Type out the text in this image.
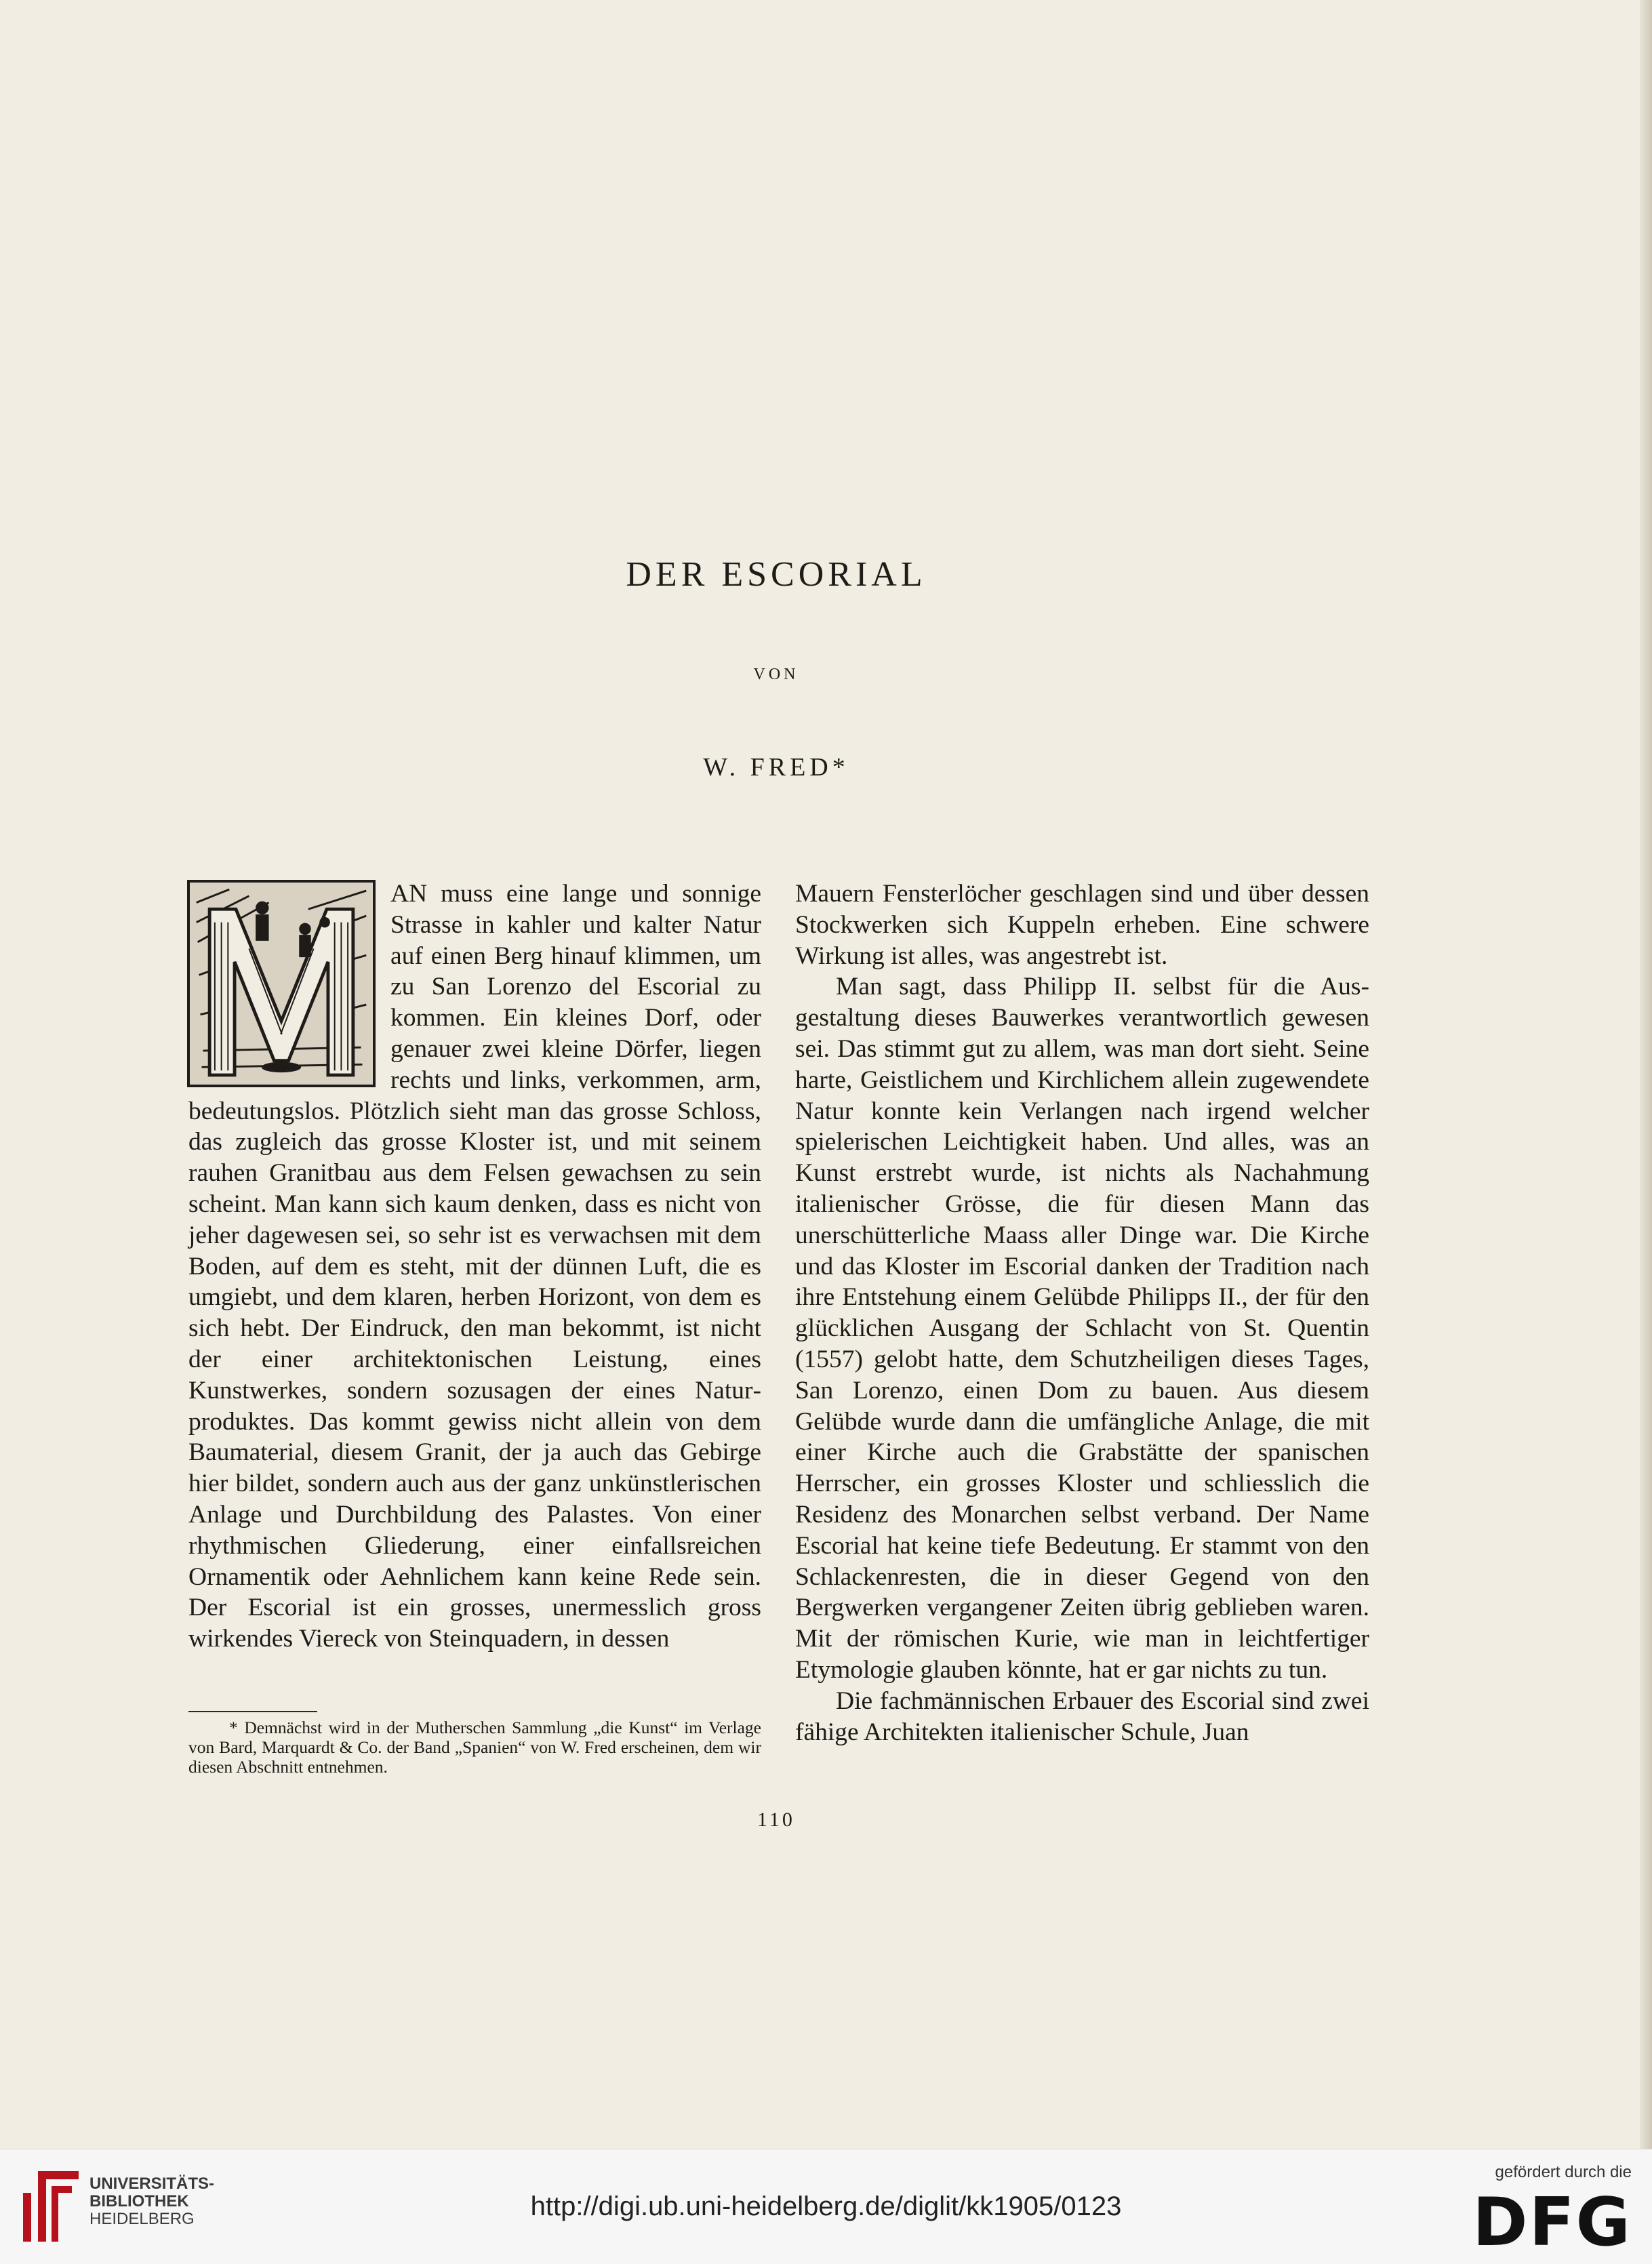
DER ESCORIAL
VON
W. FRED*

AN muss eine lange und sonnige Strasse in kahler und kalter Natur auf einen Berg hinauf klimmen, um zu San Lorenzo del Escorial zu kommen. Ein kleines Dorf, oder genauer zwei kleine Dörfer, liegen rechts und links, verkommen, arm, bedeutungslos. Plötzlich sieht man das grosse Schloss, das zugleich das grosse Kloster ist, und mit seinem rauhen Granitbau aus dem Felsen gewachsen zu sein scheint. Man kann sich kaum denken, dass es nicht von jeher dagewesen sei, so sehr ist es verwachsen mit dem Boden, auf dem es steht, mit der dünnen Luft, die es umgiebt, und dem klaren, herben Horizont, von dem es sich hebt. Der Eindruck, den man bekommt, ist nicht der einer architektonischen Leistung, eines Kunstwerkes, sondern sozusagen der eines Naturproduktes. Das kommt gewiss nicht allein von dem Baumaterial, diesem Granit, der ja auch das Gebirge hier bildet, sondern auch aus der ganz unkünstlerischen Anlage und Durchbildung des Palastes. Von einer rhythmischen Gliederung, einer einfallsreichen Ornamentik oder Aehnlichem kann keine Rede sein. Der Escorial ist ein grosses, unermesslich gross wirkendes Viereck von Steinquadern, in dessen

Mauern Fensterlöcher geschlagen sind und über dessen Stockwerken sich Kuppeln erheben. Eine schwere Wirkung ist alles, was angestrebt ist.

Man sagt, dass Philipp II. selbst für die Ausgestaltung dieses Bauwerkes verantwortlich gewesen sei. Das stimmt gut zu allem, was man dort sieht. Seine harte, Geistlichem und Kirchlichem allein zugewendete Natur konnte kein Verlangen nach irgend welcher spielerischen Leichtigkeit haben. Und alles, was an Kunst erstrebt wurde, ist nichts als Nachahmung italienischer Grösse, die für diesen Mann das unerschütterliche Maass aller Dinge war. Die Kirche und das Kloster im Escorial danken der Tradition nach ihre Entstehung einem Gelübde Philipps II., der für den glücklichen Ausgang der Schlacht von St. Quentin (1557) gelobt hatte, dem Schutzheiligen dieses Tages, San Lorenzo, einen Dom zu bauen. Aus diesem Gelübde wurde dann die umfängliche Anlage, die mit einer Kirche auch die Grabstätte der spanischen Herrscher, ein grosses Kloster und schliesslich die Residenz des Monarchen selbst verband. Der Name Escorial hat keine tiefe Bedeutung. Er stammt von den Schlackenresten, die in dieser Gegend von den Bergwerken vergangener Zeiten übrig geblieben waren. Mit der römischen Kurie, wie man in leichtfertiger Etymologie glauben könnte, hat er gar nichts zu tun.

Die fachmännischen Erbauer des Escorial sind zwei fähige Architekten italienischer Schule, Juan

* Demnächst wird in der Mutherschen Sammlung „die Kunst“ im Verlage von Bard, Marquardt & Co. der Band „Spanien“ von W. Fred erscheinen, dem wir diesen Abschnitt entnehmen.

110
UNIVERSITÄTS-
BIBLIOTHEK
HEIDELBERG	http://digi.ub.uni-heidelberg.de/diglit/kk1905/0123
gefördert durch die
DFG
